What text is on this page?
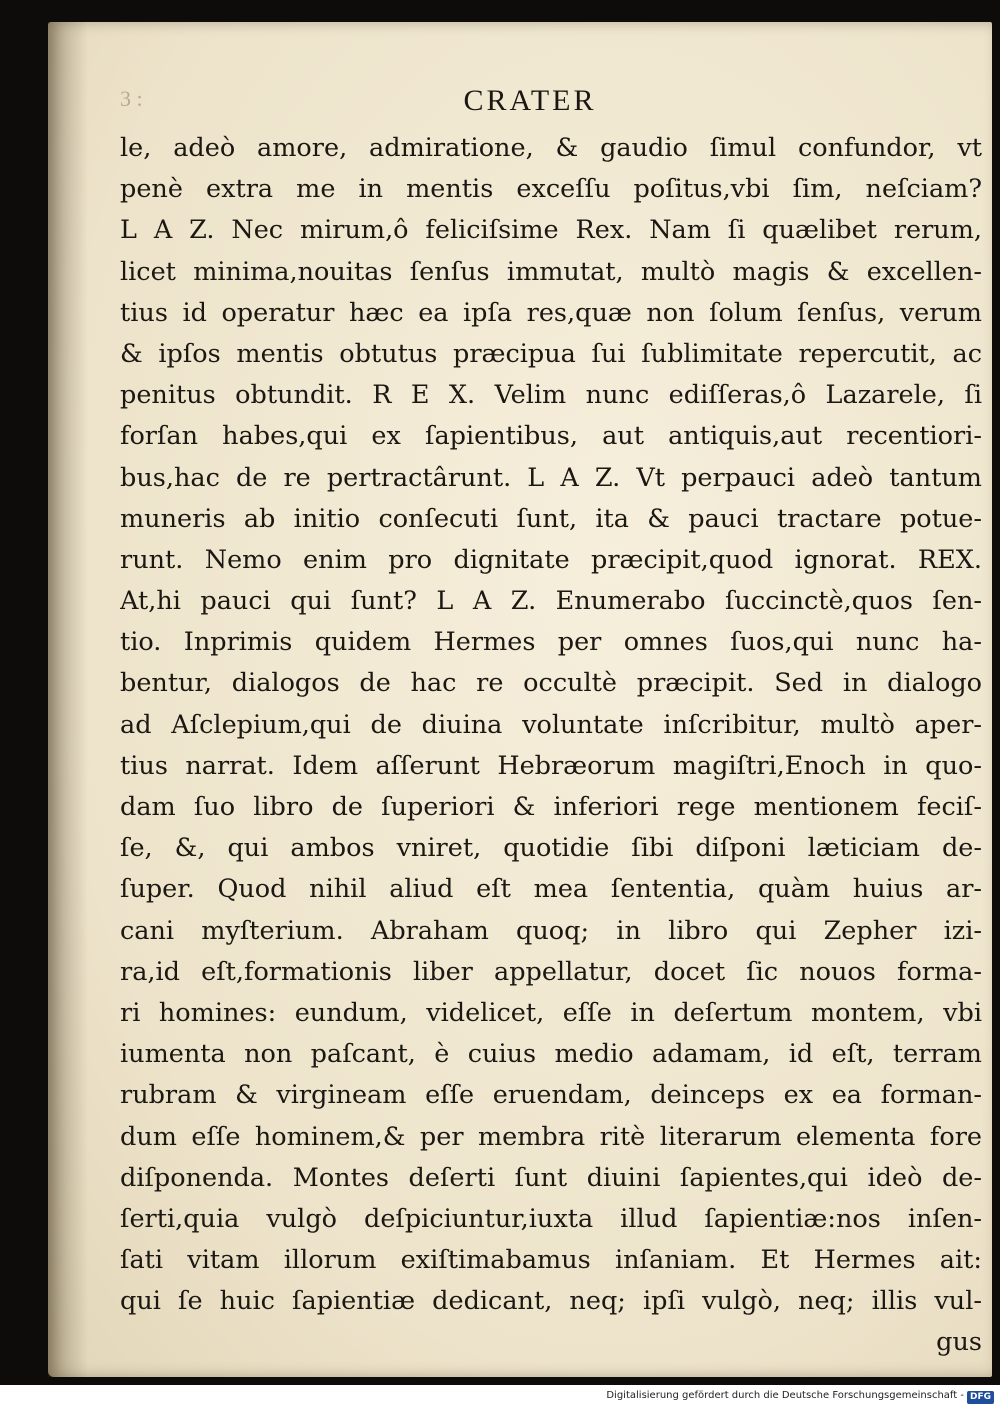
3 :	CRATER
le, adeò amore, admiratione, & gaudio ſimul confundor, vt
penè extra me in mentis exceſſu poſitus,vbi ſim, neſciam?
L A Z. Nec mirum,ô feliciſsime Rex. Nam ſi quælibet rerum,
licet minima,nouitas ſenſus immutat, multò magis & excellen-
tius id operatur hæc ea ipſa res,quæ non ſolum ſenſus, verum
& ipſos mentis obtutus præcipua ſui ſublimitate repercutit, ac
penitus obtundit. R E X. Velim nunc ediſſeras,ô Lazarele, ſi
forſan habes,qui ex ſapientibus, aut antiquis,aut recentiori-
bus,hac de re pertractârunt. L A Z. Vt perpauci adeò tantum
muneris ab initio conſecuti ſunt, ita & pauci tractare potue-
runt. Nemo enim pro dignitate præcipit,quod ignorat. REX.
At,hi pauci qui ſunt? L A Z. Enumerabo ſuccinctè,quos ſen-
tio. Inprimis quidem Hermes per omnes ſuos,qui nunc ha-
bentur, dialogos de hac re occultè præcipit. Sed in dialogo
ad Aſclepium,qui de diuina voluntate inſcribitur, multò aper-
tius narrat. Idem aſſerunt Hebræorum magiſtri,Enoch in quo-
dam ſuo libro de ſuperiori & inferiori rege mentionem feciſ-
ſe, &, qui ambos vniret, quotidie ſibi diſponi læticiam de-
ſuper. Quod nihil aliud eſt mea ſententia, quàm huius ar-
cani myſterium. Abraham quoq; in libro qui Zepher izi-
ra,id eſt,formationis liber appellatur, docet ſic nouos forma-
ri homines: eundum, videlicet, eſſe in deſertum montem, vbi
iumenta non paſcant, è cuius medio adamam, id eſt, terram
rubram & virgineam eſſe eruendam, deinceps ex ea forman-
dum eſſe hominem,& per membra ritè literarum elementa fore
diſponenda. Montes deſerti ſunt diuini ſapientes,qui ideò de-
ſerti,quia vulgò deſpiciuntur,iuxta illud ſapientiæ:nos inſen-
ſati vitam illorum exiſtimabamus inſaniam. Et Hermes ait:
qui ſe huic ſapientiæ dedicant, neq; ipſi vulgò, neq; illis vul-
gus
Digitalisierung gefördert durch die Deutsche Forschungsgemeinschaft - DFG
